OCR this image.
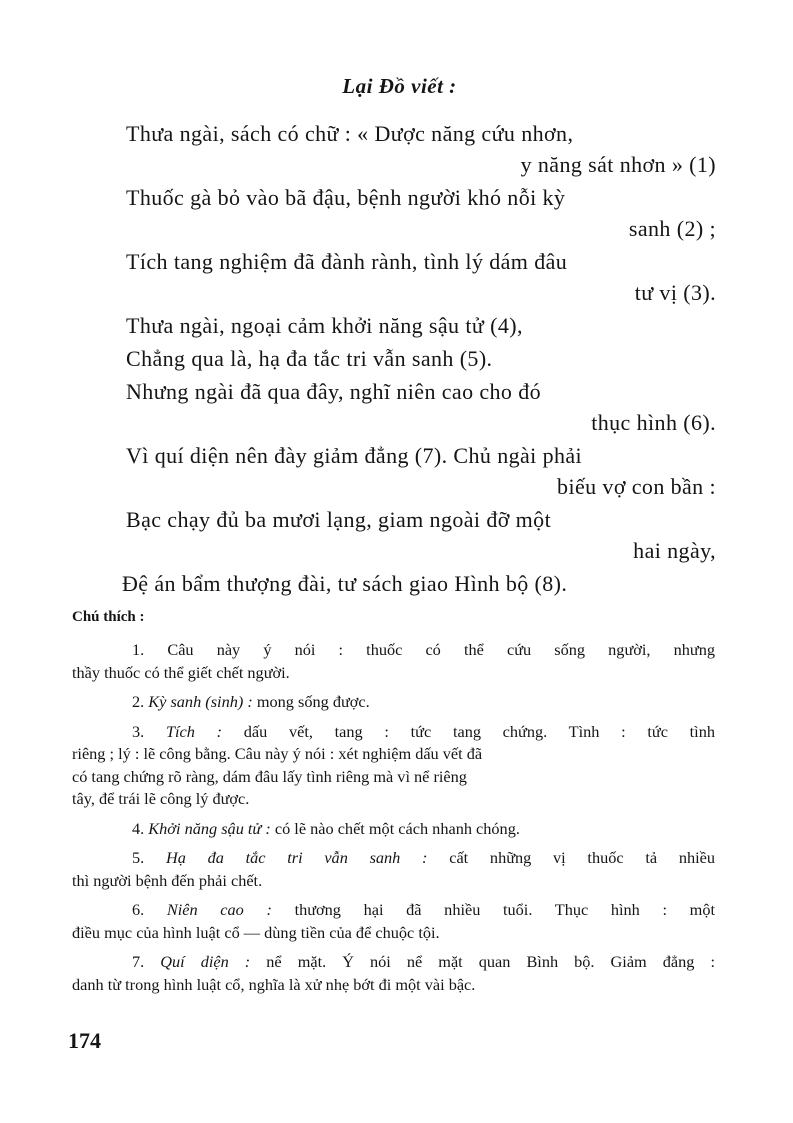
Lại Đồ viết :
Thưa ngài, sách có chữ : « Dược năng cứu nhơn,
y năng sát nhơn » (1)
Thuốc gà bỏ vào bã đậu, bệnh người khó nỗi kỳ
sanh (2) ;
Tích tang nghiệm đã đành rành, tình lý dám đâu
tư vị (3).
Thưa ngài, ngoại cảm khởi năng sậu tử (4),
Chẳng qua là, hạ đa tắc tri vẫn sanh (5).
Nhưng ngài đã qua đây, nghĩ niên cao cho đó
thục hình (6).
Vì quí diện nên đày giảm đẳng (7). Chủ ngài phải
biếu vợ con bần :
Bạc chạy đủ ba mươi lạng, giam ngoài đỡ một
hai ngày,
Đệ án bẩm thượng đài, tư sách giao Hình bộ (8).
Chú thích :
1. Câu này ý nói : thuốc có thể cứu sống người, nhưng
thầy thuốc có thể giết chết người.
2. Kỳ sanh (sinh) : mong sống được.
3. Tích : dấu vết, tang : tức tang chứng. Tình : tức tình
riêng ; lý : lẽ công bằng. Câu này ý nói : xét nghiệm dấu vết đã
có tang chứng rõ ràng, dám đâu lấy tình riêng mà vì nể riêng
tây, để trái lẽ công lý được.
4. Khởi năng sậu tử : có lẽ nào chết một cách nhanh chóng.
5. Hạ đa tắc tri vẫn sanh : cất những vị thuốc tả nhiều
thì người bệnh đến phải chết.
6. Niên cao : thương hại đã nhiều tuổi. Thục hình : một
điều mục của hình luật cổ — dùng tiền của để chuộc tội.
7. Quí diện : nể mặt. Ý nói nể mặt quan Bình bộ. Giảm đẳng :
danh từ trong hình luật cổ, nghĩa là xử nhẹ bớt đi một vài bậc.
174
